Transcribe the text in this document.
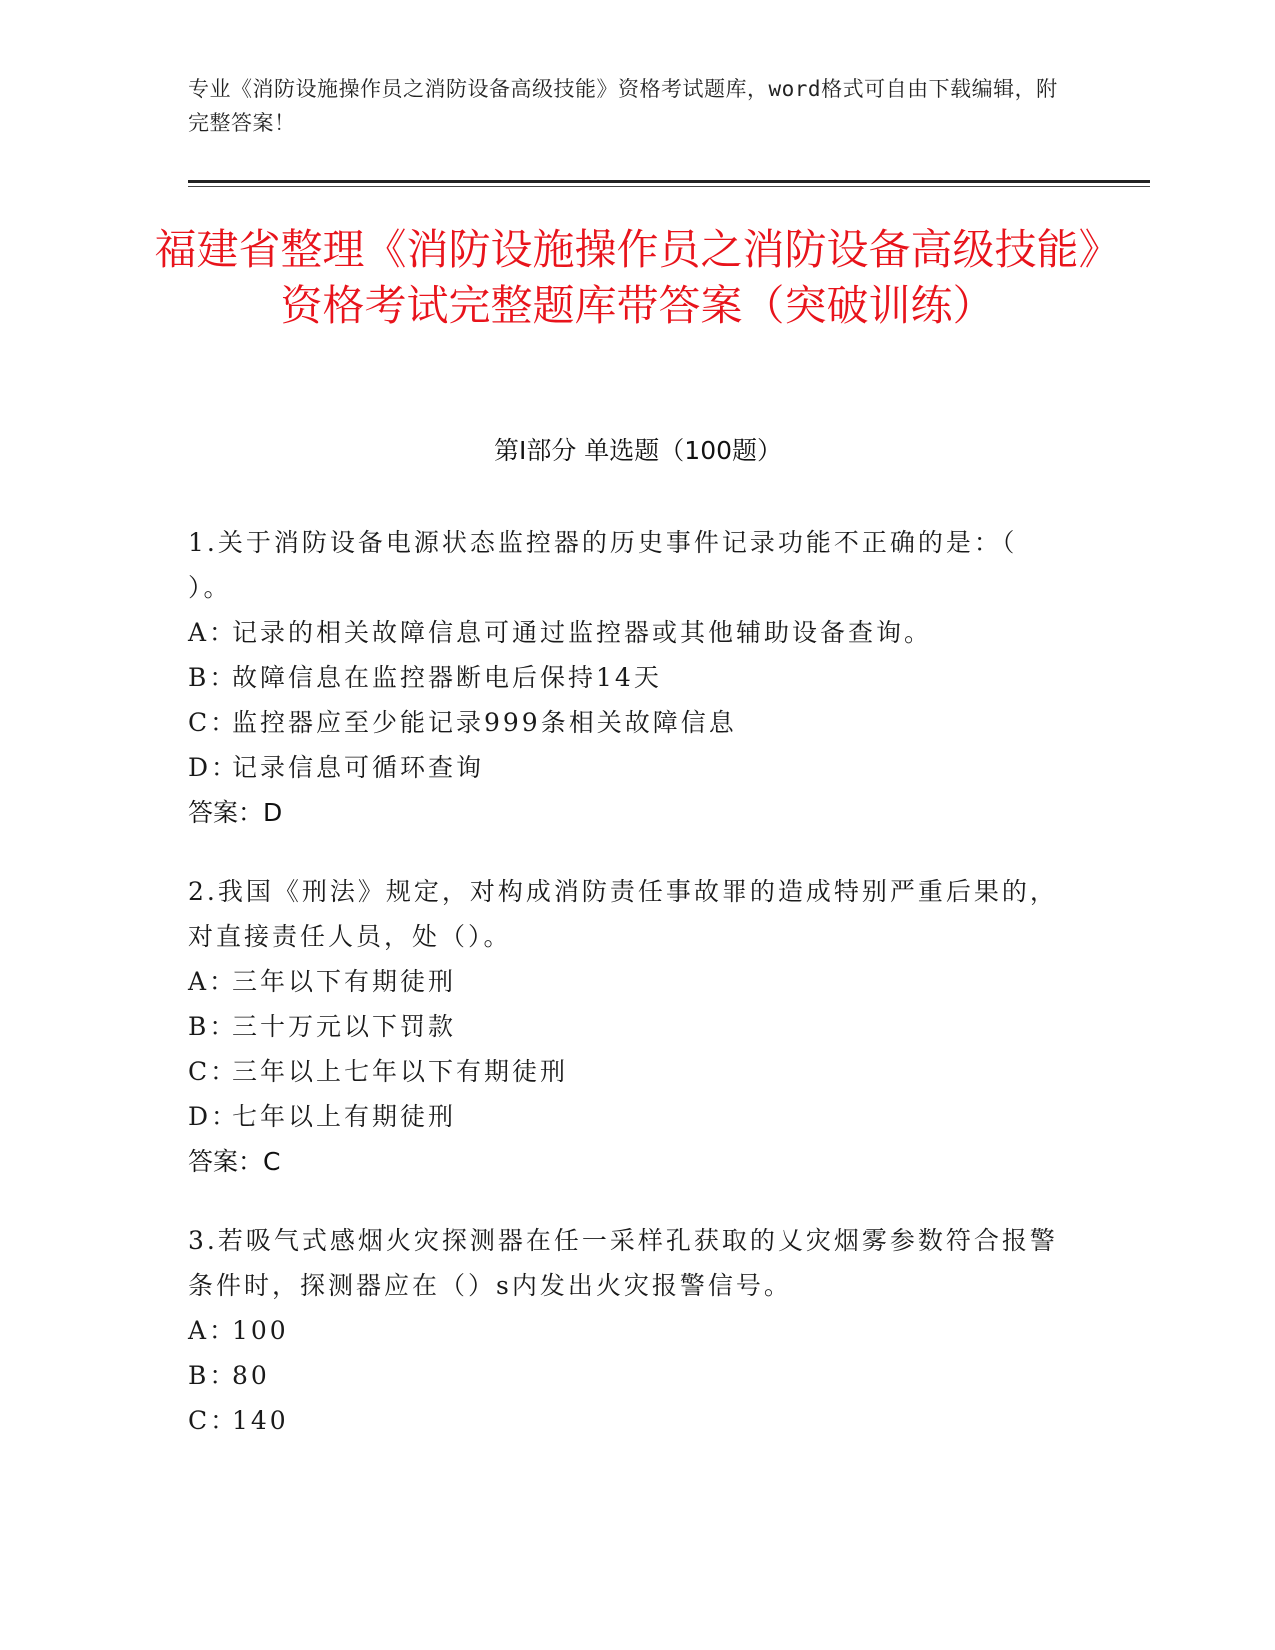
专业《消防设施操作员之消防设备高级技能》资格考试题库，word格式可自由下载编辑，附完整答案！
福建省整理《消防设施操作员之消防设备高级技能》资格考试完整题库带答案（突破训练）
第Ⅰ部分 单选题（100题）
1.关于消防设备电源状态监控器的历史事件记录功能不正确的是：（ ）。
A：记录的相关故障信息可通过监控器或其他辅助设备查询。
B：故障信息在监控器断电后保持14天
C：监控器应至少能记录999条相关故障信息
D：记录信息可循环查询
答案：D
2.我国《刑法》规定，对构成消防责任事故罪的造成特别严重后果的，对直接责任人员，处（）。
A：三年以下有期徒刑
B：三十万元以下罚款
C：三年以上七年以下有期徒刑
D：七年以上有期徒刑
答案：C
3.若吸气式感烟火灾探测器在任一采样孔获取的乂灾烟雾参数符合报警条件时，探测器应在（）s内发出火灾报警信号。
A：100
B：80
C：140
